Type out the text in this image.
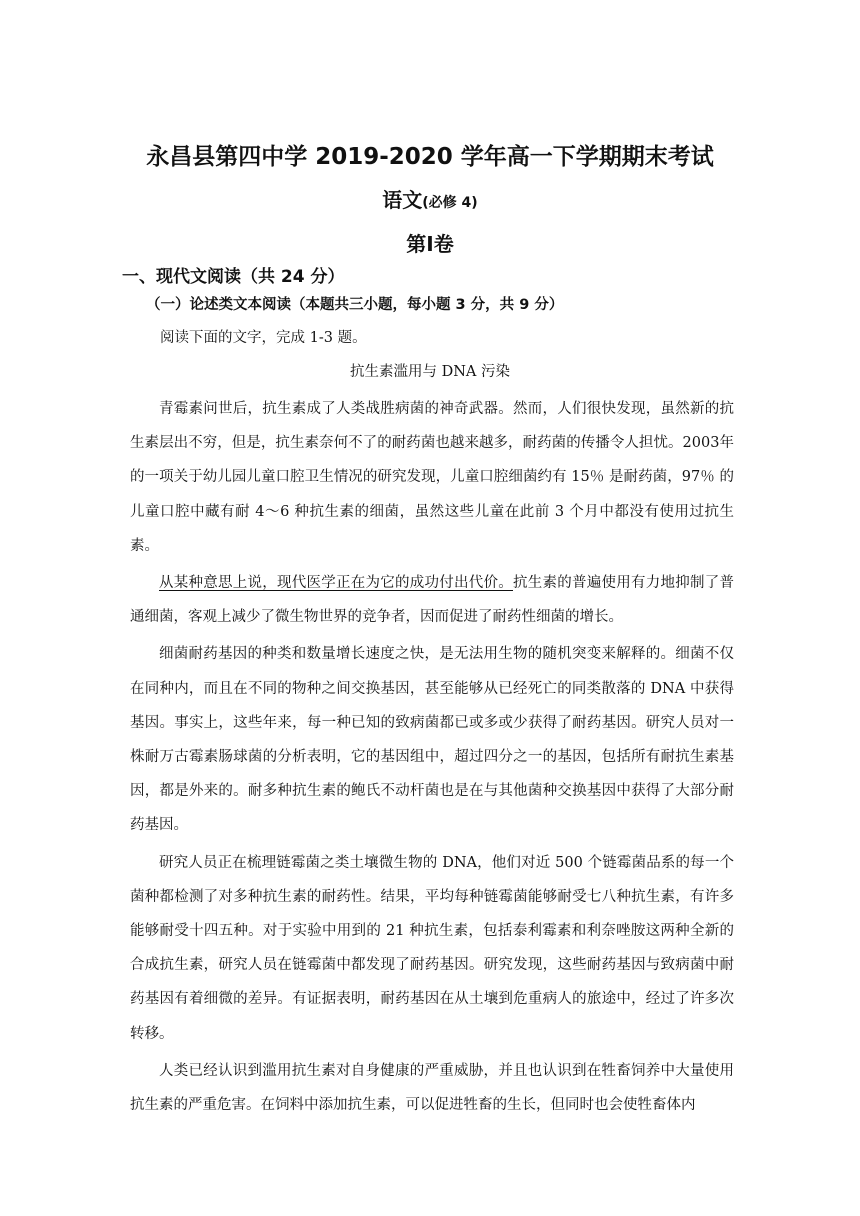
永昌县第四中学 2019-2020 学年高一下学期期末考试
语文(必修 4)
第Ⅰ卷
一、现代文阅读（共 24 分）
（一）论述类文本阅读（本题共三小题，每小题 3 分，共 9 分）
阅读下面的文字，完成 1-3 题。
抗生素滥用与 DNA 污染

青霉素问世后，抗生素成了人类战胜病菌的神奇武器。然而，人们很快发现，虽然新的抗生素层出不穷，但是，抗生素奈何不了的耐药菌也越来越多，耐药菌的传播令人担忧。2003年的一项关于幼儿园儿童口腔卫生情况的研究发现，儿童口腔细菌约有 15％ 是耐药菌，97％ 的儿童口腔中藏有耐 4～6 种抗生素的细菌，虽然这些儿童在此前 3 个月中都没有使用过抗生素。

从某种意思上说，现代医学正在为它的成功付出代价。抗生素的普遍使用有力地抑制了普通细菌，客观上减少了微生物世界的竞争者，因而促进了耐药性细菌的增长。

细菌耐药基因的种类和数量增长速度之快，是无法用生物的随机突变来解释的。细菌不仅在同种内，而且在不同的物种之间交换基因，甚至能够从已经死亡的同类散落的 DNA 中获得基因。事实上，这些年来，每一种已知的致病菌都已或多或少获得了耐药基因。研究人员对一株耐万古霉素肠球菌的分析表明，它的基因组中，超过四分之一的基因，包括所有耐抗生素基因，都是外来的。耐多种抗生素的鲍氏不动杆菌也是在与其他菌种交换基因中获得了大部分耐药基因。

研究人员正在梳理链霉菌之类土壤微生物的 DNA，他们对近 500 个链霉菌品系的每一个菌种都检测了对多种抗生素的耐药性。结果，平均每种链霉菌能够耐受七八种抗生素，有许多能够耐受十四五种。对于实验中用到的 21 种抗生素，包括泰利霉素和利奈唑胺这两种全新的合成抗生素，研究人员在链霉菌中都发现了耐药基因。研究发现，这些耐药基因与致病菌中耐药基因有着细微的差异。有证据表明，耐药基因在从土壤到危重病人的旅途中，经过了许多次转移。

人类已经认识到滥用抗生素对自身健康的严重威胁，并且也认识到在牲畜饲养中大量使用抗生素的严重危害。在饲料中添加抗生素，可以促进牲畜的生长，但同时也会使牲畜体内
